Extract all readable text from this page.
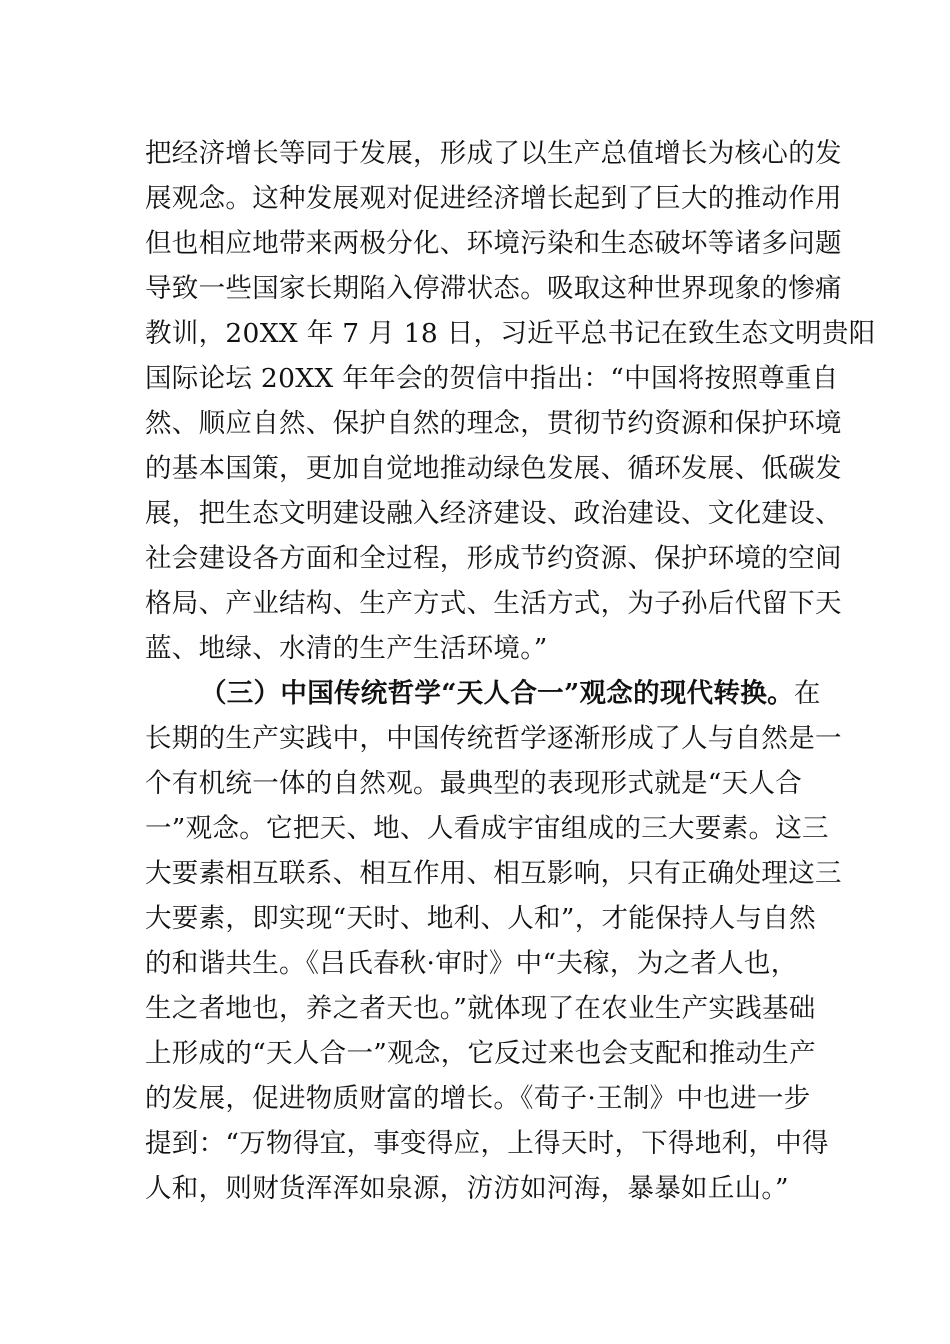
把经济增长等同于发展，形成了以生产总值增长为核心的发
展观念。这种发展观对促进经济增长起到了巨大的推动作用
但也相应地带来两极分化、环境污染和生态破坏等诸多问题
导致一些国家长期陷入停滞状态。吸取这种世界现象的惨痛
教训，20XX 年 7 月 18 日，习近平总书记在致生态文明贵阳
国际论坛 20XX 年年会的贺信中指出：“中国将按照尊重自
然、顺应自然、保护自然的理念，贯彻节约资源和保护环境
的基本国策，更加自觉地推动绿色发展、循环发展、低碳发
展，把生态文明建设融入经济建设、政治建设、文化建设、
社会建设各方面和全过程，形成节约资源、保护环境的空间
格局、产业结构、生产方式、生活方式，为子孙后代留下天
蓝、地绿、水清的生产生活环境。”
（三）中国传统哲学“天人合一”观念的现代转换。在
长期的生产实践中，中国传统哲学逐渐形成了人与自然是一
个有机统一体的自然观。最典型的表现形式就是“天人合
一”观念。它把天、地、人看成宇宙组成的三大要素。这三
大要素相互联系、相互作用、相互影响，只有正确处理这三
大要素，即实现“天时、地利、人和”，才能保持人与自然
的和谐共生。《吕氏春秋·审时》中“夫稼，为之者人也，
生之者地也，养之者天也。”就体现了在农业生产实践基础
上形成的“天人合一”观念，它反过来也会支配和推动生产
的发展，促进物质财富的增长。《荀子·王制》中也进一步
提到：“万物得宜，事变得应，上得天时，下得地利，中得
人和，则财货浑浑如泉源，汸汸如河海，暴暴如丘山。”
